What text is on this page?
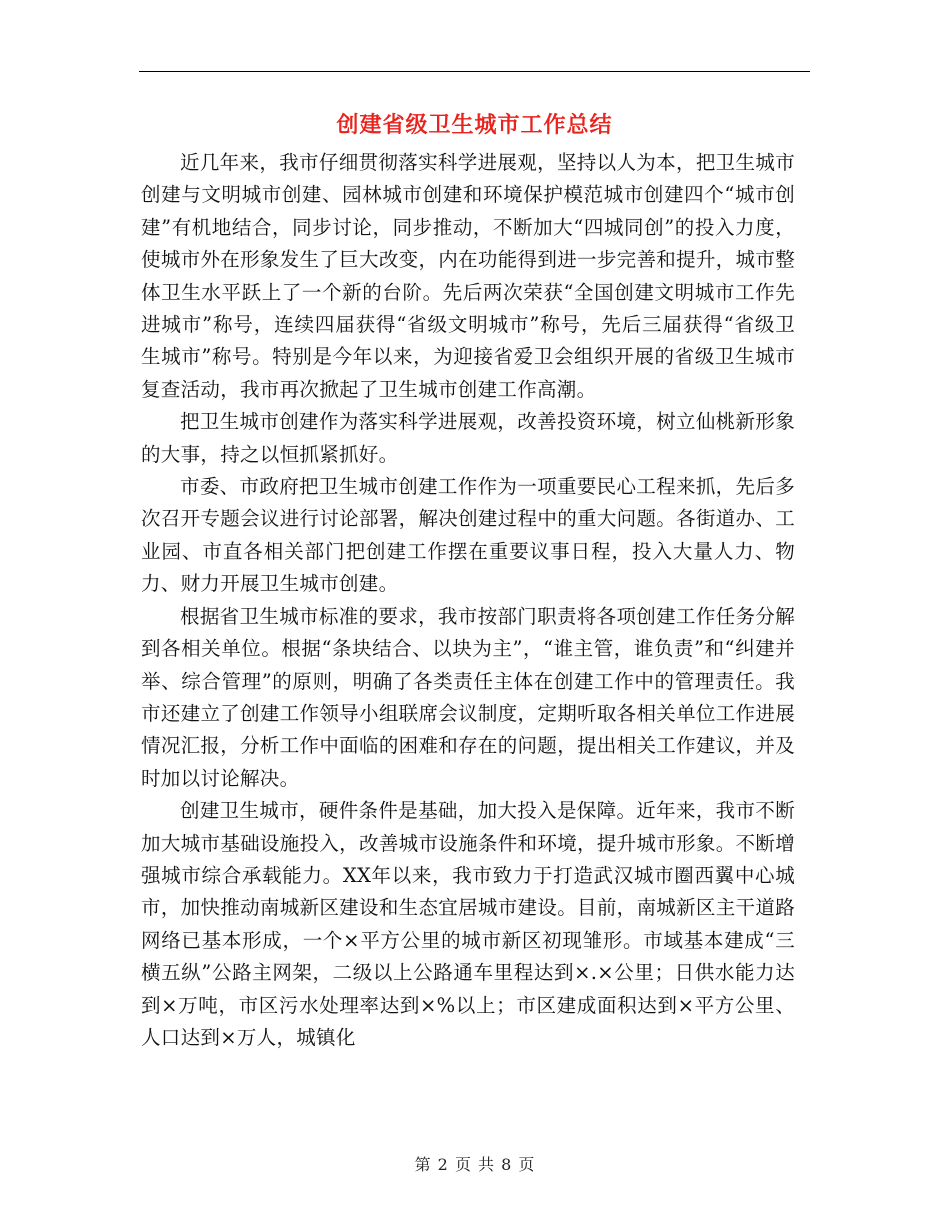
创建省级卫生城市工作总结

近几年来，我市仔细贯彻落实科学进展观，坚持以人为本，把卫生城市创建与文明城市创建、园林城市创建和环境保护模范城市创建四个“城市创建”有机地结合，同步讨论，同步推动，不断加大“四城同创”的投入力度，使城市外在形象发生了巨大改变，内在功能得到进一步完善和提升，城市整体卫生水平跃上了一个新的台阶。先后两次荣获“全国创建文明城市工作先进城市”称号，连续四届获得“省级文明城市”称号，先后三届获得“省级卫生城市”称号。特别是今年以来，为迎接省爱卫会组织开展的省级卫生城市复查活动，我市再次掀起了卫生城市创建工作高潮。

把卫生城市创建作为落实科学进展观，改善投资环境，树立仙桃新形象的大事，持之以恒抓紧抓好。

市委、市政府把卫生城市创建工作作为一项重要民心工程来抓，先后多次召开专题会议进行讨论部署，解决创建过程中的重大问题。各街道办、工业园、市直各相关部门把创建工作摆在重要议事日程，投入大量人力、物力、财力开展卫生城市创建。

根据省卫生城市标准的要求，我市按部门职责将各项创建工作任务分解到各相关单位。根据“条块结合、以块为主”，“谁主管，谁负责”和“纠建并举、综合管理”的原则，明确了各类责任主体在创建工作中的管理责任。我市还建立了创建工作领导小组联席会议制度，定期听取各相关单位工作进展情况汇报，分析工作中面临的困难和存在的问题，提出相关工作建议，并及时加以讨论解决。

创建卫生城市，硬件条件是基础，加大投入是保障。近年来，我市不断加大城市基础设施投入，改善城市设施条件和环境，提升城市形象。不断增强城市综合承载能力。XX年以来，我市致力于打造武汉城市圈西翼中心城市，加快推动南城新区建设和生态宜居城市建设。目前，南城新区主干道路网络已基本形成，一个×平方公里的城市新区初现雏形。市域基本建成“三横五纵”公路主网架，二级以上公路通车里程达到×.×公里；日供水能力达到×万吨，市区污水处理率达到×%以上；市区建成面积达到×平方公里、人口达到×万人，城镇化

第 2 页 共 8 页
